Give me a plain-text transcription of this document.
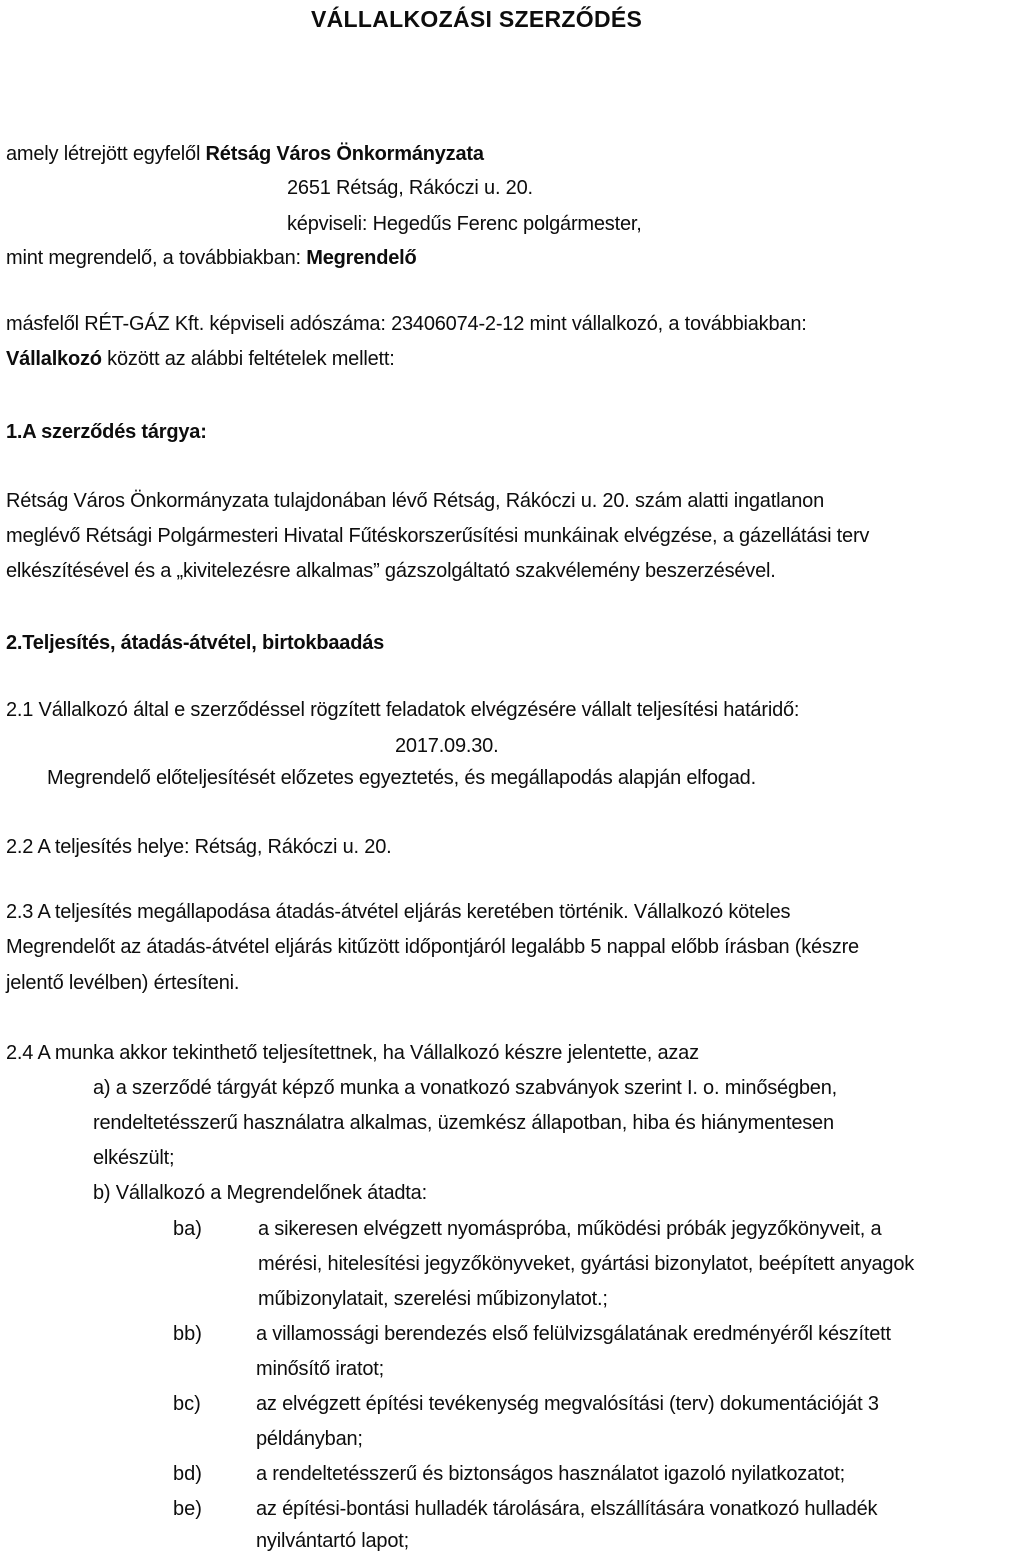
VÁLLALKOZÁSI SZERZŐDÉS
amely létrejött egyfelől Rétság Város Önkormányzata
2651 Rétság, Rákóczi u. 20.
képviseli: Hegedűs Ferenc polgármester,
mint megrendelő, a továbbiakban: Megrendelő
másfelől RÉT-GÁZ Kft. képviseli adószáma: 23406074-2-12 mint vállalkozó, a továbbiakban:
Vállalkozó között az alábbi feltételek mellett:
1.A szerződés tárgya:
Rétság Város Önkormányzata tulajdonában lévő Rétság, Rákóczi u. 20. szám alatti ingatlanon
meglévő Rétsági Polgármesteri Hivatal Fűtéskorszerűsítési munkáinak elvégzése, a gázellátási terv
elkészítésével és a „kivitelezésre alkalmas” gázszolgáltató szakvélemény beszerzésével.
2.Teljesítés, átadás-átvétel, birtokbaadás
2.1 Vállalkozó által e szerződéssel rögzített feladatok elvégzésére vállalt teljesítési határidő:
2017.09.30.
Megrendelő előteljesítését előzetes egyeztetés, és megállapodás alapján elfogad.
2.2 A teljesítés helye: Rétság, Rákóczi u. 20.
2.3 A teljesítés megállapodása átadás-átvétel eljárás keretében történik. Vállalkozó köteles
Megrendelőt az átadás-átvétel eljárás kitűzött időpontjáról legalább 5 nappal előbb írásban (készre
jelentő levélben) értesíteni.
2.4 A munka akkor tekinthető teljesítettnek, ha Vállalkozó készre jelentette, azaz
a) a szerződé tárgyát képző munka a vonatkozó szabványok szerint I. o. minőségben,
rendeltetésszerű használatra alkalmas, üzemkész állapotban, hiba és hiánymentesen
elkészült;
b) Vállalkozó a Megrendelőnek átadta:
ba)	a sikeresen elvégzett nyomáspróba, működési próbák jegyzőkönyveit, a
mérési, hitelesítési jegyzőkönyveket, gyártási bizonylatot, beépített anyagok
műbizonylatait, szerelési műbizonylatot.;
bb)	a villamossági berendezés első felülvizsgálatának eredményéről készített
minősítő iratot;
bc)	az elvégzett építési tevékenység megvalósítási (terv) dokumentációját 3
példányban;
bd)	a rendeltetésszerű és biztonságos használatot igazoló nyilatkozatot;
be)	az építési-bontási hulladék tárolására, elszállítására vonatkozó hulladék
nyilvántartó lapot;
